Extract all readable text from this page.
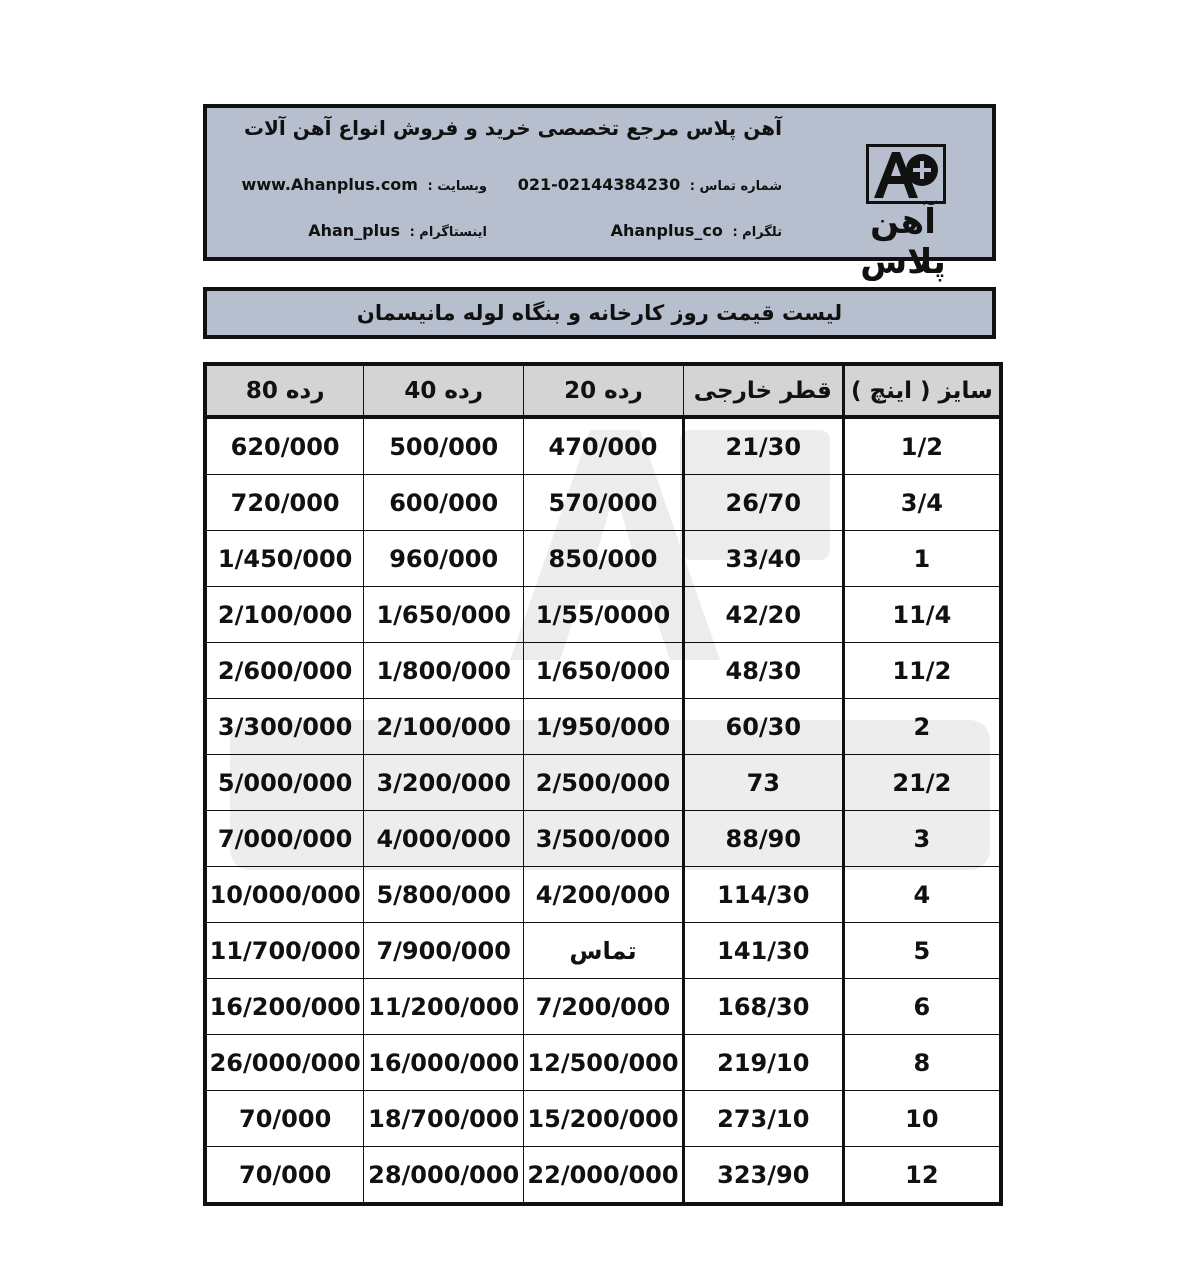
آهن پلاس مرجع تخصصی خرید و فروش انواع آهن آلات
شماره تماس : 021-02144384230
وبسایت : www.Ahanplus.com
تلگرام : Ahanplus_co
اینستاگرام : Ahan_plus	آهن پلاس
لیست قیمت روز کارخانه و بنگاه لوله مانیسمان
رده 80	رده 40	رده 20	قطر خارجی	سایز ( اینچ )
620/000	500/000	470/000	21/30	1/2
720/000	600/000	570/000	26/70	3/4
1/450/000	960/000	850/000	33/40	1
2/100/000	1/650/000	1/55/0000	42/20	11/4
2/600/000	1/800/000	1/650/000	48/30	11/2
3/300/000	2/100/000	1/950/000	60/30	2
5/000/000	3/200/000	2/500/000	73	21/2
7/000/000	4/000/000	3/500/000	88/90	3
10/000/000	5/800/000	4/200/000	114/30	4
11/700/000	7/900/000	تماس	141/30	5
16/200/000	11/200/000	7/200/000	168/30	6
26/000/000	16/000/000	12/500/000	219/10	8
70/000	18/700/000	15/200/000	273/10	10
70/000	28/000/000	22/000/000	323/90	12
